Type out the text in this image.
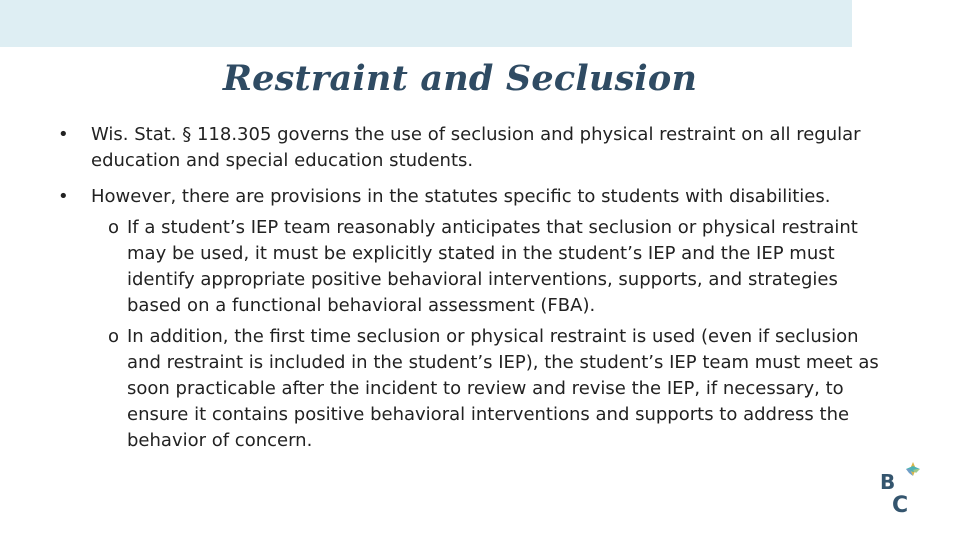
Restraint and Seclusion
• Wis. Stat. § 118.305 governs the use of seclusion and physical restraint on all regular education and special education students.
• However, there are provisions in the statutes specific to students with disabilities.
o If a student’s IEP team reasonably anticipates that seclusion or physical restraint may be used, it must be explicitly stated in the student’s IEP and the IEP must identify appropriate positive behavioral interventions, supports, and strategies based on a functional behavioral assessment (FBA).
o In addition, the first time seclusion or physical restraint is used (even if seclusion and restraint is included in the student’s IEP), the student’s IEP team must meet as soon practicable after the incident to review and revise the IEP, if necessary, to ensure it contains positive behavioral interventions and supports to address the behavior of concern.
B
C
